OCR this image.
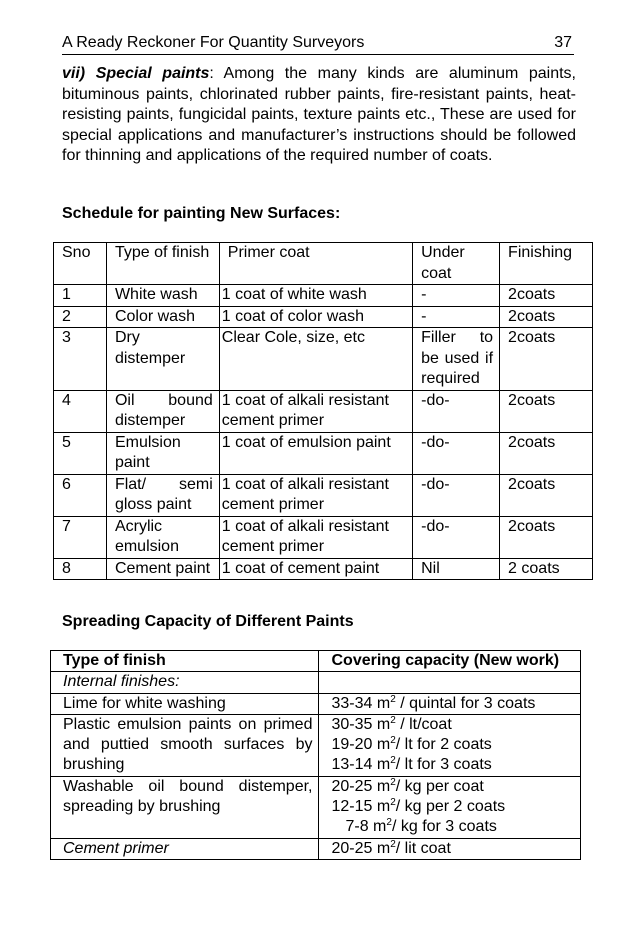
A Ready Reckoner For Quantity Surveyors	37
vii) Special paints: Among the many kinds are aluminum paints, bituminous paints, chlorinated rubber paints, fire-resistant paints, heat-resisting paints, fungicidal paints, texture paints etc., These are used for special applications and manufacturer’s instructions should be followed for thinning and applications of the required number of coats.
Schedule for painting New Surfaces:
Sno	Type of finish	Primer coat	Under coat	Finishing
1	White wash	1 coat of white wash	-	2coats
2	Color wash	1 coat of color wash	-	2coats
3	Dry distemper	Clear Cole, size, etc	Filler to be used if required	2coats
4	Oil bound distemper	1 coat of alkali resistant cement primer	-do-	2coats
5	Emulsion paint	1 coat of emulsion paint	-do-	2coats
6	Flat/ semi gloss paint	1 coat of alkali resistant cement primer	-do-	2coats
7	Acrylic emulsion	1 coat of alkali resistant cement primer	-do-	2coats
8	Cement paint	1 coat of cement paint	Nil	2 coats
Spreading Capacity of Different Paints
Type of finish	Covering capacity (New work)
Internal finishes:	
Lime for white washing	33-34 $m^2$ / quintal for 3 coats

Plastic emulsion paints on primed and puttied smooth surfaces by brushing	30-35 $m^2$ / lt/coat
19-20 $m^2/$ lt for 2 coats
13-14 $m^2/$ lt for 3 coats

Washable oil bound distemper, spreading by brushing	20-25 $m^2/$ kg per coat
12-15 $m^2/$ kg per 2 coats
7-8 $m^2/$ kg for 3 coats

Cement primer	20-25 $m^2/$ lit coat
